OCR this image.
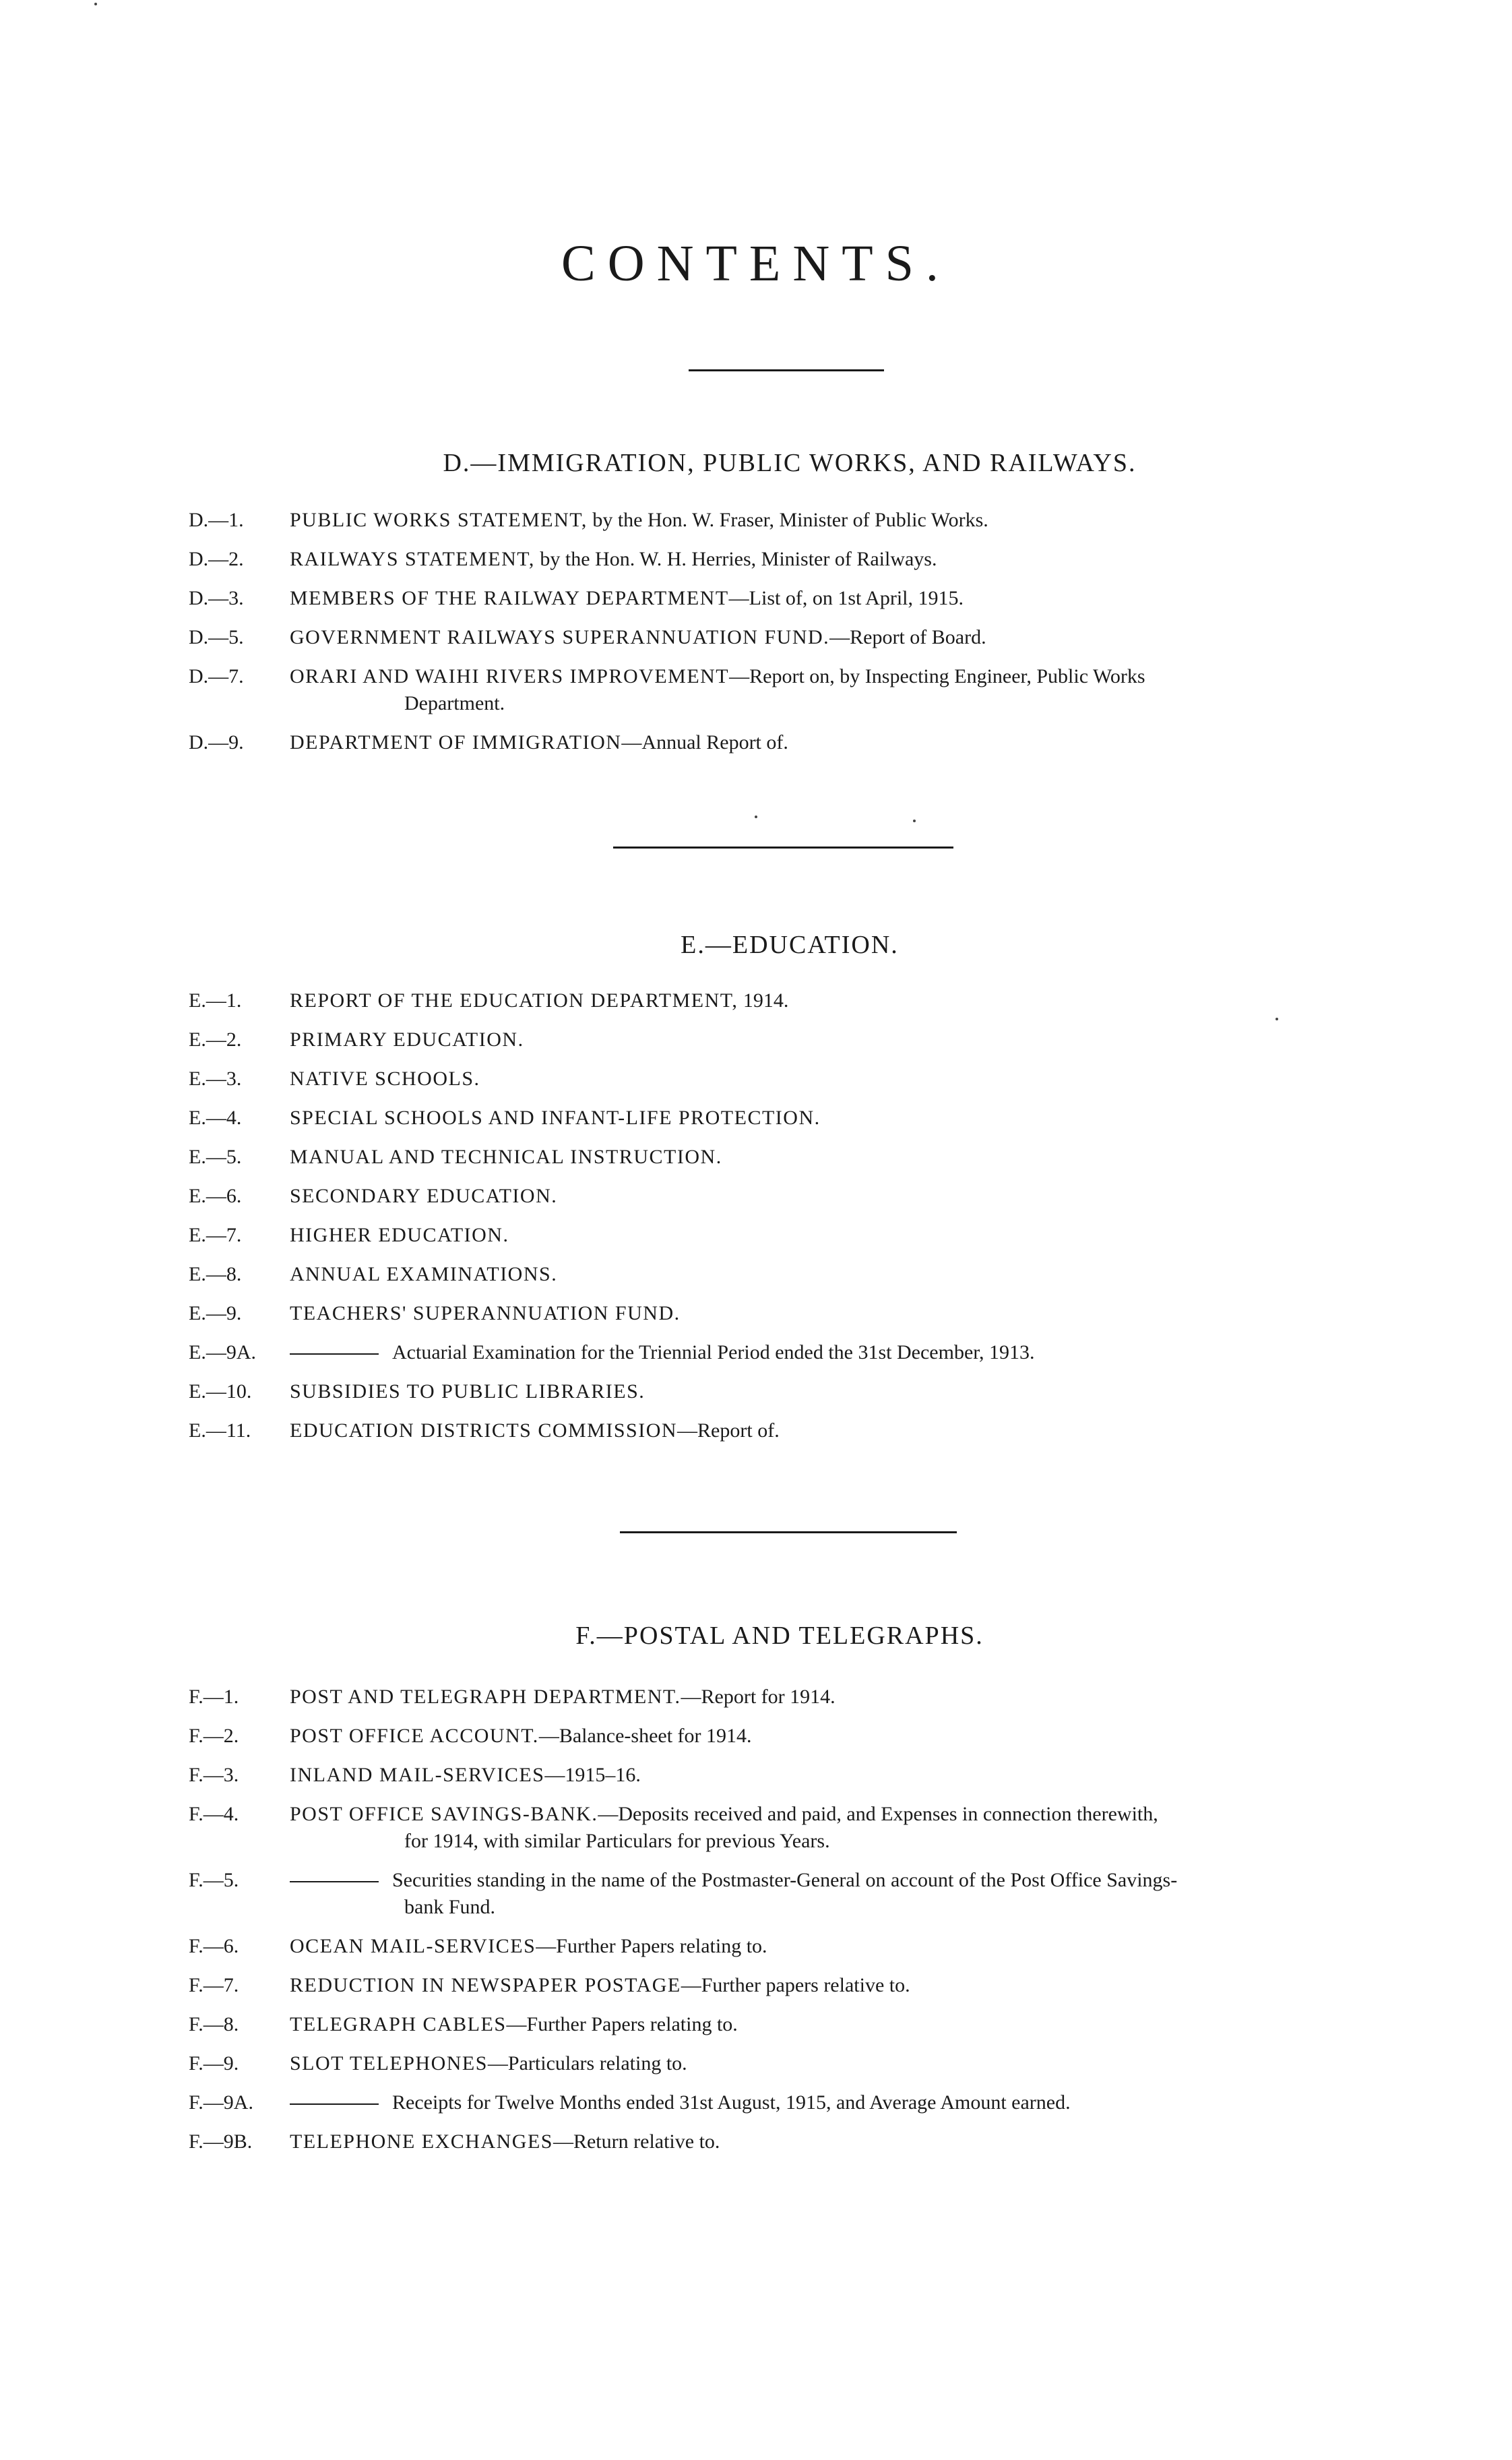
CONTENTS.
D.—IMMIGRATION, PUBLIC WORKS, AND RAILWAYS.
D.—1.	PUBLIC WORKS STATEMENT, by the Hon. W. Fraser, Minister of Public Works.
D.—2.	RAILWAYS STATEMENT, by the Hon. W. H. Herries, Minister of Railways.
D.—3.	MEMBERS OF THE RAILWAY DEPARTMENT—List of, on 1st April, 1915.
D.—5.	GOVERNMENT RAILWAYS SUPERANNUATION FUND.—Report of Board.
D.—7.	ORARI AND WAIHI RIVERS IMPROVEMENT—Report on, by Inspecting Engineer, Public Works
Department.
D.—9.	DEPARTMENT OF IMMIGRATION—Annual Report of.
E.—EDUCATION.
E.—1.	REPORT OF THE EDUCATION DEPARTMENT, 1914.
E.—2.	PRIMARY EDUCATION.
E.—3.	NATIVE SCHOOLS.
E.—4.	SPECIAL SCHOOLS AND INFANT-LIFE PROTECTION.
E.—5.	MANUAL AND TECHNICAL INSTRUCTION.
E.—6.	SECONDARY EDUCATION.
E.—7.	HIGHER EDUCATION.
E.—8.	ANNUAL EXAMINATIONS.
E.—9.	TEACHERS' SUPERANNUATION FUND.
E.—9A.	Actuarial Examination for the Triennial Period ended the 31st December, 1913.
E.—10.	SUBSIDIES TO PUBLIC LIBRARIES.
E.—11.	EDUCATION DISTRICTS COMMISSION—Report of.
F.—POSTAL AND TELEGRAPHS.
F.—1.	POST AND TELEGRAPH DEPARTMENT.—Report for 1914.
F.—2.	POST OFFICE ACCOUNT.—Balance-sheet for 1914.
F.—3.	INLAND MAIL-SERVICES—1915–16.
F.—4.	POST OFFICE SAVINGS-BANK.—Deposits received and paid, and Expenses in connection therewith,
for 1914, with similar Particulars for previous Years.
F.—5.	Securities standing in the name of the Postmaster-General on account of the Post Office Savings-
bank Fund.
F.—6.	OCEAN MAIL-SERVICES—Further Papers relating to.
F.—7.	REDUCTION IN NEWSPAPER POSTAGE—Further papers relative to.
F.—8.	TELEGRAPH CABLES—Further Papers relating to.
F.—9.	SLOT TELEPHONES—Particulars relating to.
F.—9A.	Receipts for Twelve Months ended 31st August, 1915, and Average Amount earned.
F.—9B.	TELEPHONE EXCHANGES—Return relative to.
